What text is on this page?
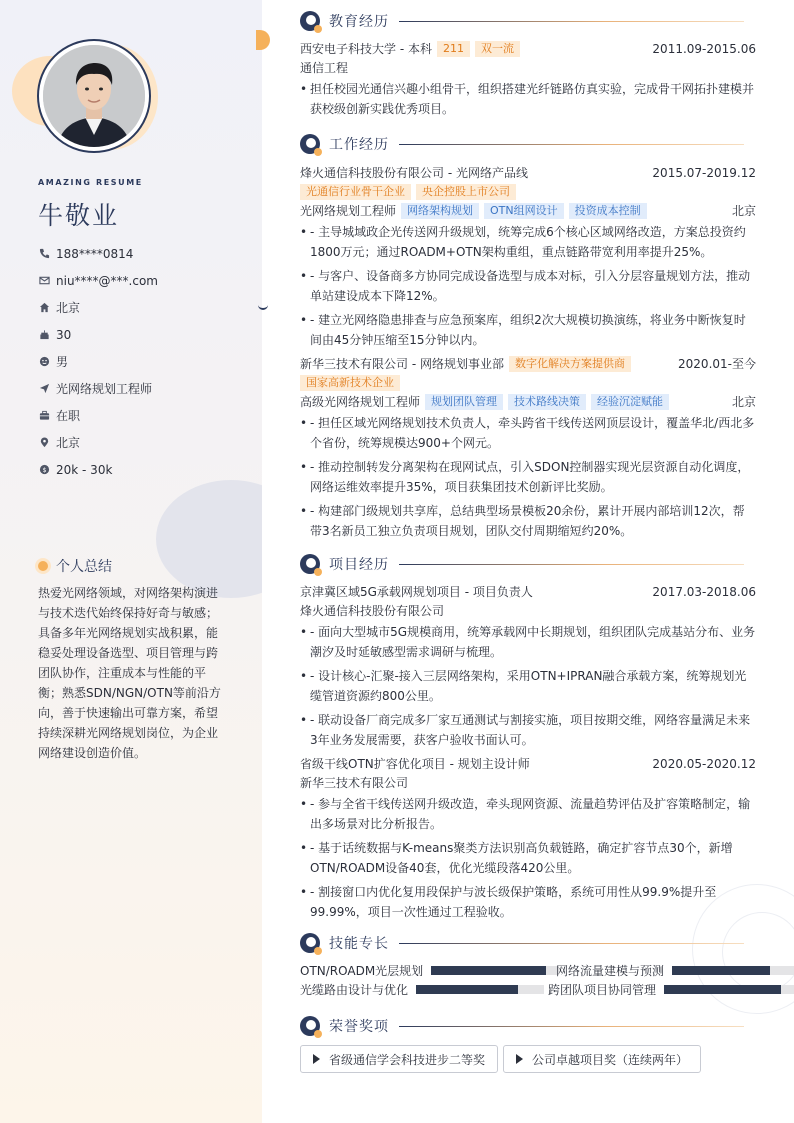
AMAZING RESUME
牛敬业
188****0814
niu****@***.com
北京
30
男
光网络规划工程师
在职
北京
$ 20k - 30k
个人总结
热爱光网络领域，对网络架构演进与技术迭代始终保持好奇与敏感；具备多年光网络规划实战积累，能稳妥处理设备选型、项目管理与跨团队协作，注重成本与性能的平衡；熟悉SDN/NGN/OTN等前沿方向，善于快速输出可靠方案，希望持续深耕光网络规划岗位，为企业网络建设创造价值。
教育经历
西安电子科技大学 - 本科	211	双一流	2011.09-2015.06
通信工程
• 担任校园光通信兴趣小组骨干，组织搭建光纤链路仿真实验，完成骨干网拓扑建模并获校级创新实践优秀项目。
工作经历
烽火通信科技股份有限公司 - 光网络产品线	2015.07-2019.12
光通信行业骨干企业	央企控股上市公司
光网络规划工程师	网络架构规划	OTN组网设计	投资成本控制	北京
• - 主导城域政企光传送网升级规划，统筹完成6个核心区域网络改造，方案总投资约1800万元；通过ROADM+OTN架构重组，重点链路带宽利用率提升25%。
• - 与客户、设备商多方协同完成设备选型与成本对标，引入分层容量规划方法，推动单站建设成本下降12%。
• - 建立光网络隐患排查与应急预案库，组织2次大规模切换演练，将业务中断恢复时间由45分钟压缩至15分钟以内。
新华三技术有限公司 - 网络规划事业部	数字化解决方案提供商	2020.01-至今
国家高新技术企业
高级光网络规划工程师	规划团队管理	技术路线决策	经验沉淀赋能	北京
• - 担任区域光网络规划技术负责人，牵头跨省干线传送网顶层设计，覆盖华北/西北多个省份，统筹规模达900+个网元。
• - 推动控制转发分离架构在现网试点，引入SDON控制器实现光层资源自动化调度，网络运维效率提升35%，项目获集团技术创新评比奖励。
• - 构建部门级规划共享库，总结典型场景模板20余份，累计开展内部培训12次，帮带3名新员工独立负责项目规划，团队交付周期缩短约20%。
项目经历
京津冀区域5G承载网规划项目 - 项目负责人	2017.03-2018.06
烽火通信科技股份有限公司
• - 面向大型城市5G规模商用，统筹承载网中长期规划，组织团队完成基站分布、业务潮汐及时延敏感型需求调研与梳理。
• - 设计核心-汇聚-接入三层网络架构，采用OTN+IPRAN融合承载方案，统筹规划光缆管道资源约800公里。
• - 联动设备厂商完成多厂家互通测试与割接实施，项目按期交维，网络容量满足未来3年业务发展需要，获客户验收书面认可。
省级干线OTN扩容优化项目 - 规划主设计师	2020.05-2020.12
新华三技术有限公司
• - 参与全省干线传送网升级改造，牵头现网资源、流量趋势评估及扩容策略制定，输出多场景对比分析报告。
• - 基于话统数据与K-means聚类方法识别高负载链路，确定扩容节点30个，新增OTN/ROADM设备40套，优化光缆段落420公里。
• - 割接窗口内优化复用段保护与波长级保护策略，系统可用性从99.9%提升至99.99%，项目一次性通过工程验收。
技能专长
OTN/ROADM光层规划	网络流量建模与预测
光缆路由设计与优化	跨团队项目协同管理
荣誉奖项
省级通信学会科技进步二等奖	公司卓越项目奖（连续两年）
